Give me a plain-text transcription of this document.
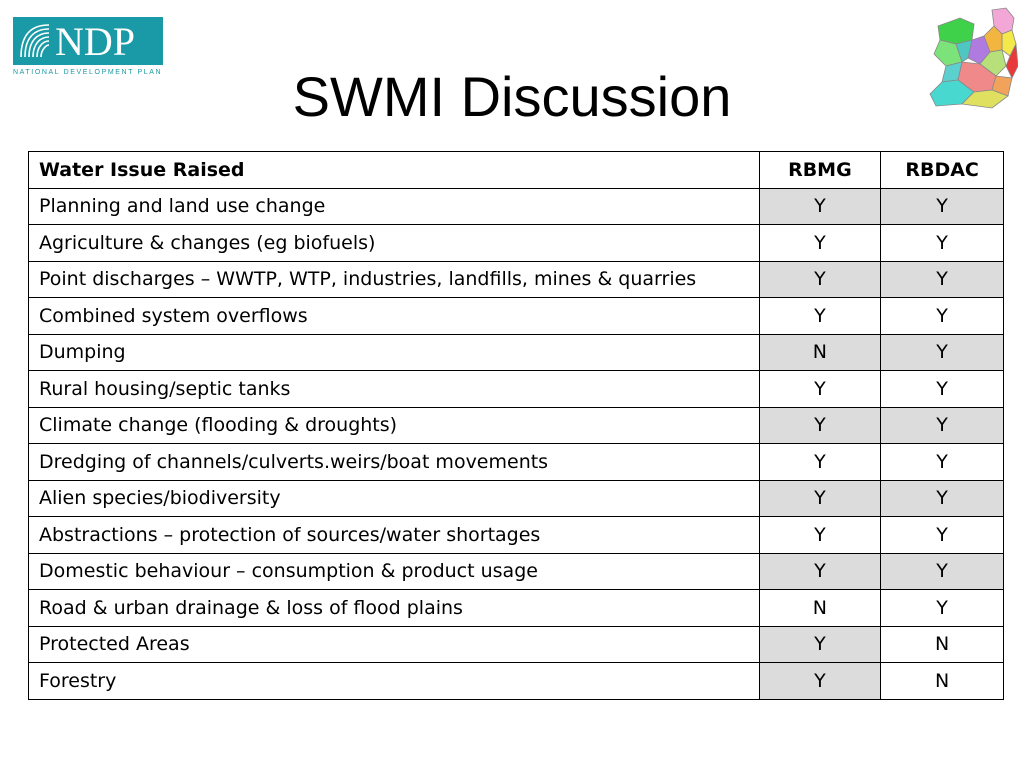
NDP
NATIONAL DEVELOPMENT PLAN	SWMI Discussion
Water Issue Raised	RBMG	RBDAC
Planning and land use change	Y	Y
Agriculture & changes (eg biofuels)	Y	Y
Point discharges – WWTP, WTP, industries, landfills, mines & quarries	Y	Y
Combined system overflows	Y	Y
Dumping	N	Y
Rural housing/septic tanks	Y	Y
Climate change (flooding & droughts)	Y	Y
Dredging of channels/culverts.weirs/boat movements	Y	Y
Alien species/biodiversity	Y	Y
Abstractions – protection of sources/water shortages	Y	Y
Domestic behaviour – consumption & product usage	Y	Y
Road & urban drainage & loss of flood plains	N	Y
Protected Areas	Y	N
Forestry	Y	N
